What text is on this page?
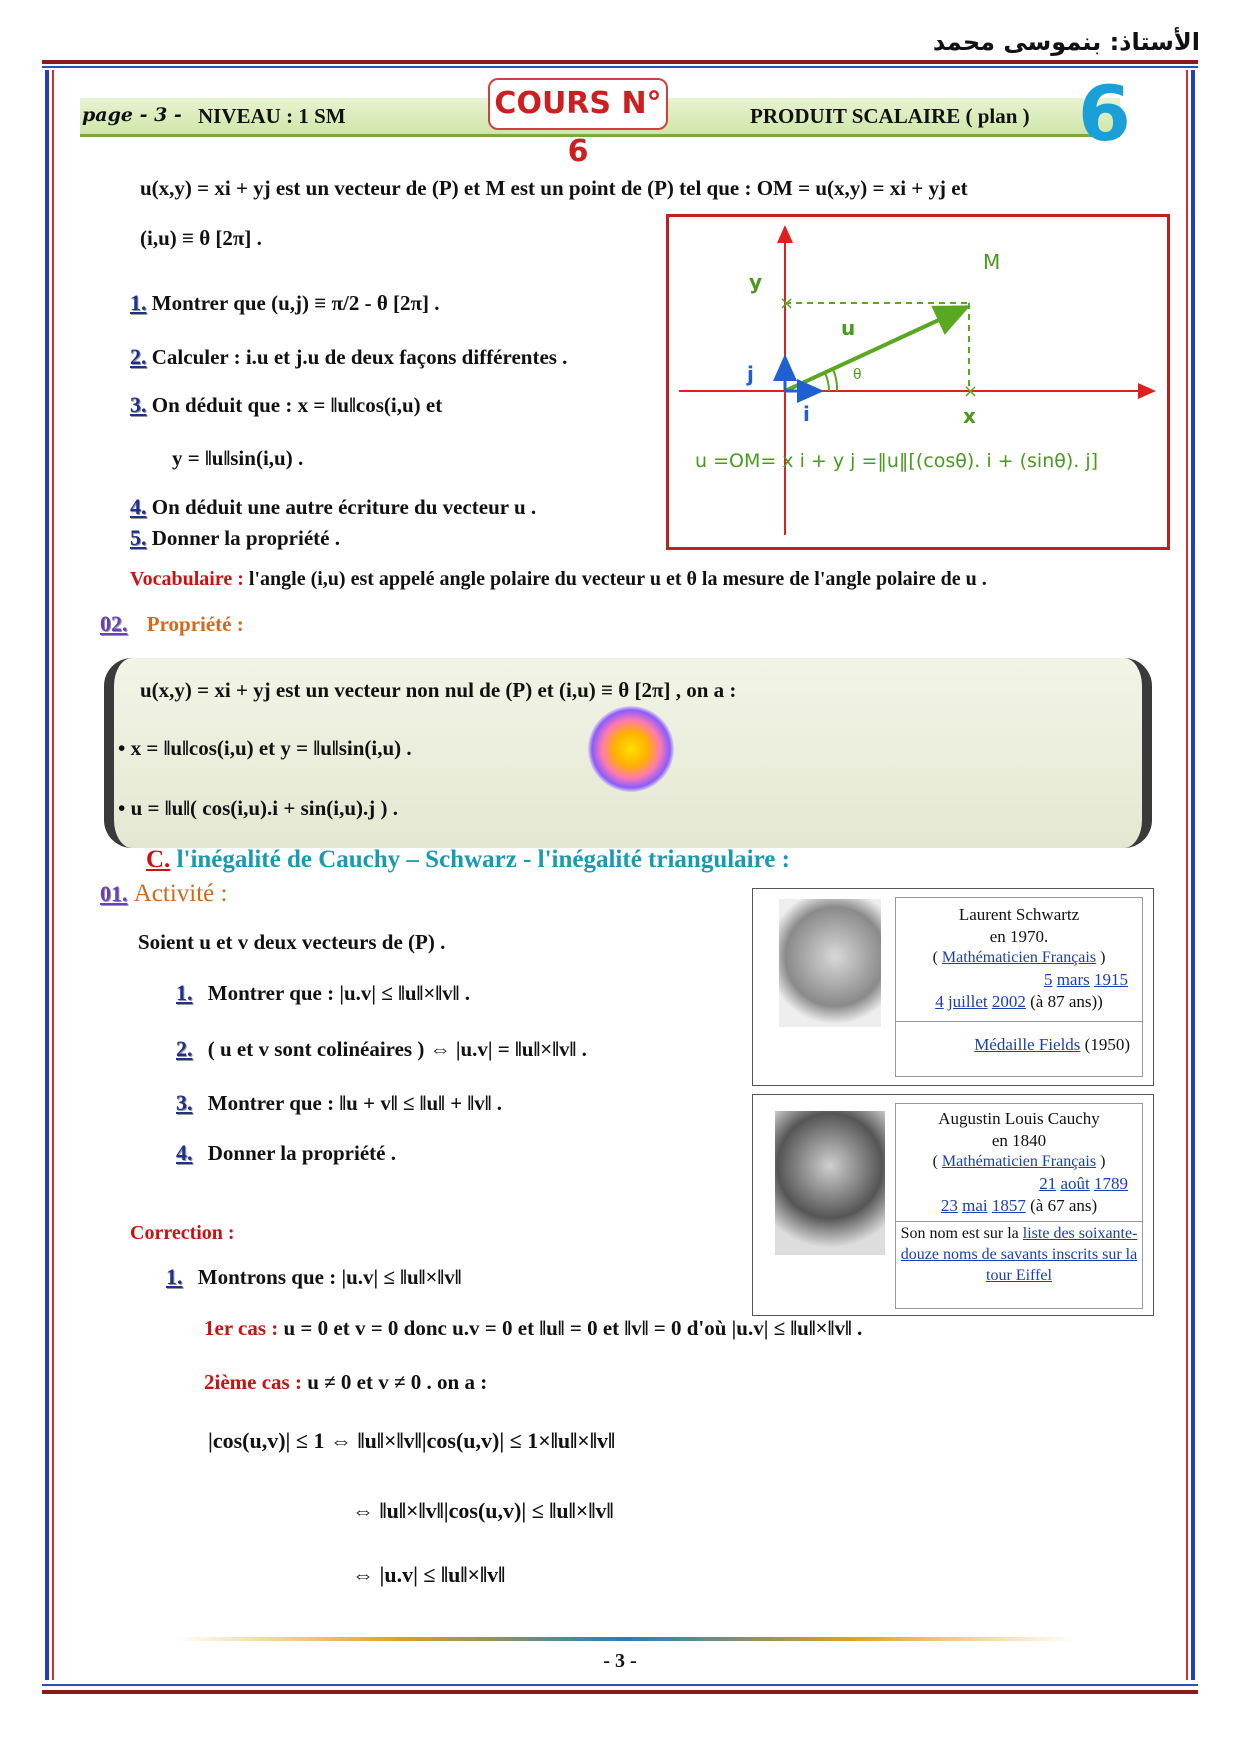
الأستاذ: بنموسى محمد
page - 3 - NIVEAU : 1 SM	COURS N° 6
PRODUIT SCALAIRE ( plan ) 6
u(x,y) = xi + yj est un vecteur de (P) et M est un point de (P) tel que : OM = u(x,y) = xi + yj et
(i,u) ≡ θ [2π] .
1. Montrer que (u,j) ≡ π/2 - θ [2π] .
2. Calculer : i.u et j.u de deux façons différentes .
3. On déduit que : x = ‖u‖cos(i,u) et
y = ‖u‖sin(i,u) .
4. On déduit une autre écriture du vecteur u .
5. Donner la propriété .
×
×
y
M
u
θ
j
i	x
u =OM= x i + y j =‖u‖[(cosθ). i + (sinθ). j]
Vocabulaire : l'angle (i,u) est appelé angle polaire du vecteur u et θ la mesure de l'angle polaire de u .
02. Propriété :
u(x,y) = xi + yj est un vecteur non nul de (P) et (i,u) ≡ θ [2π] , on a :
• x = ‖u‖cos(i,u) et y = ‖u‖sin(i,u) .
• u = ‖u‖( cos(i,u).i + sin(i,u).j ) .
C. l'inégalité de Cauchy – Schwarz - l'inégalité triangulaire :
01. Activité :
Soient u et v deux vecteurs de (P) .
1. Montrer que : |u.v| ≤ ‖u‖×‖v‖ .
2. ( u et v sont colinéaires ) ⇔ |u.v| = ‖u‖×‖v‖ .
3. Montrer que : ‖u + v‖ ≤ ‖u‖ + ‖v‖ .
4. Donner la propriété .
Laurent Schwartz
en 1970.
( Mathématicien Français )
5 mars 1915
4 juillet 2002 (à 87 ans))
Médaille Fields (1950)
Augustin Louis Cauchy
en 1840
( Mathématicien Français )
21 août 1789
23 mai 1857 (à 67 ans)
Son nom est sur la liste des soixante-douze noms de savants inscrits sur la tour Eiffel
Correction :
1. Montrons que : |u.v| ≤ ‖u‖×‖v‖
1er cas : u = 0 et v = 0 donc u.v = 0 et ‖u‖ = 0 et ‖v‖ = 0 d'où |u.v| ≤ ‖u‖×‖v‖ .
2ième cas : u ≠ 0 et v ≠ 0 . on a :
|cos(u,v)| ≤ 1 ⇔ ‖u‖×‖v‖|cos(u,v)| ≤ 1×‖u‖×‖v‖
⇔ ‖u‖×‖v‖|cos(u,v)| ≤ ‖u‖×‖v‖
⇔ |u.v| ≤ ‖u‖×‖v‖
- 3 -
